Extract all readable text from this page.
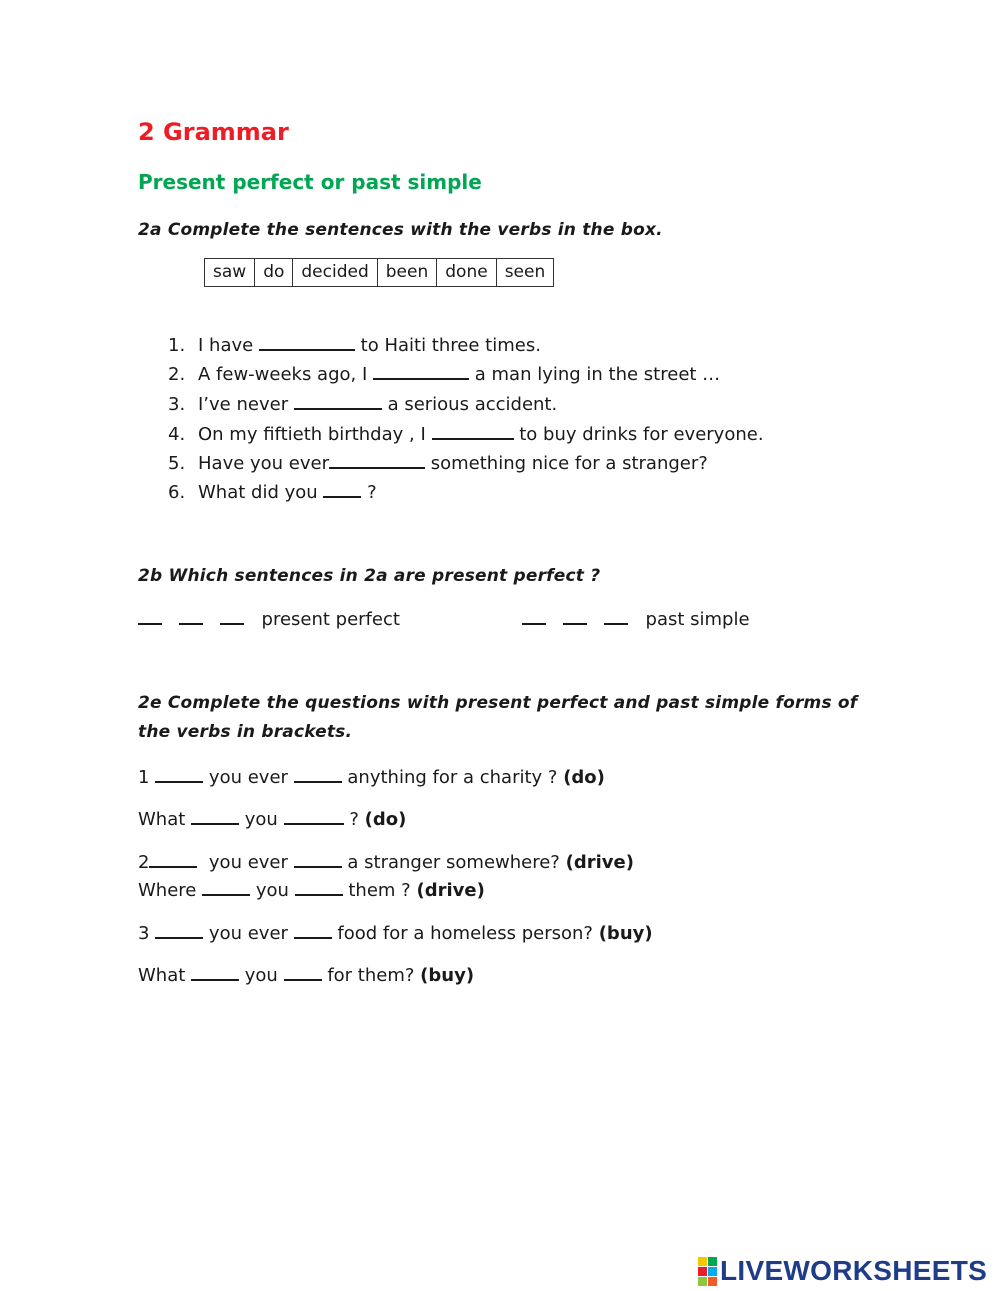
2 Grammar
Present perfect or past simple
2a Complete the sentences with the verbs in the box.
saw	do	decided	been	done	seen
1. I have	to Haiti three times.
2. A few-weeks ago, I	a man lying in the street …
3. I’ve never	a serious accident.
4. On my fiftieth birthday , I	to buy drinks for everyone.
5. Have you ever	something nice for a stranger?
6. What did you	?
2b Which sentences in 2a are present perfect ?
present perfect	past simple
2e Complete the questions with present perfect and past simple forms of
the verbs in brackets.
1	you ever	anything for a charity ? (do)
What	you	? (do)
2	you ever	a stranger somewhere? (drive)
Where	you	them ? (drive)
3	you ever	food for a homeless person? (buy)
What	you	for them? (buy)
LIVEWORKSHEETS
